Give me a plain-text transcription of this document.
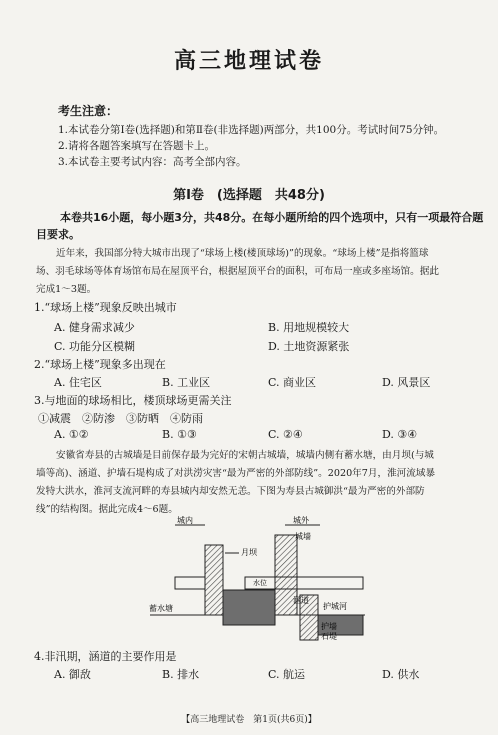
高三地理试卷
考生注意：
1.本试卷分第Ⅰ卷(选择题)和第Ⅱ卷(非选择题)两部分，共100分。考试时间75分钟。
2.请将各题答案填写在答题卡上。
3.本试卷主要考试内容：高考全部内容。
第Ⅰ卷　(选择题　共48分)
本卷共16小题，每小题3分，共48分。在每小题所给的四个选项中，只有一项最符合题
目要求。
近年来，我国部分特大城市出现了“球场上楼(楼顶球场)”的现象。“球场上楼”是指将篮球
场、羽毛球场等体育场馆布局在屋顶平台，根据屋顶平台的面积，可布局一座或多座场馆。据此
完成1～3题。
1.“球场上楼”现象反映出城市
A. 健身需求减少	B. 用地规模较大
C. 功能分区模糊	D. 土地资源紧张
2.“球场上楼”现象多出现在
A. 住宅区	B. 工业区	C. 商业区	D. 风景区
3.与地面的球场相比，楼顶球场更需关注
①减震　②防渗　③防晒　④防雨
A. ①②	B. ①③	C. ②④	D. ③④
安徽省寿县的古城墙是目前保存最为完好的宋朝古城墙，城墙内侧有蓄水塘，由月坝(与城
墙等高)、涵道、护墙石堤构成了对洪涝灾害“最为严密的外部防线”。2020年7月，淮河流域暴
发特大洪水，淮河支流河畔的寿县城内却安然无恙。下图为寿县古城御洪“最为严密的外部防
线”的结构图。据此完成4～6题。
城内	城外
城墙
月坝
水位
蓄水塘
涵道
护城河
护墙
石堤
4.非汛期，涵道的主要作用是
A. 御敌	B. 排水	C. 航运	D. 供水
【高三地理试卷　第1页(共6页)】
